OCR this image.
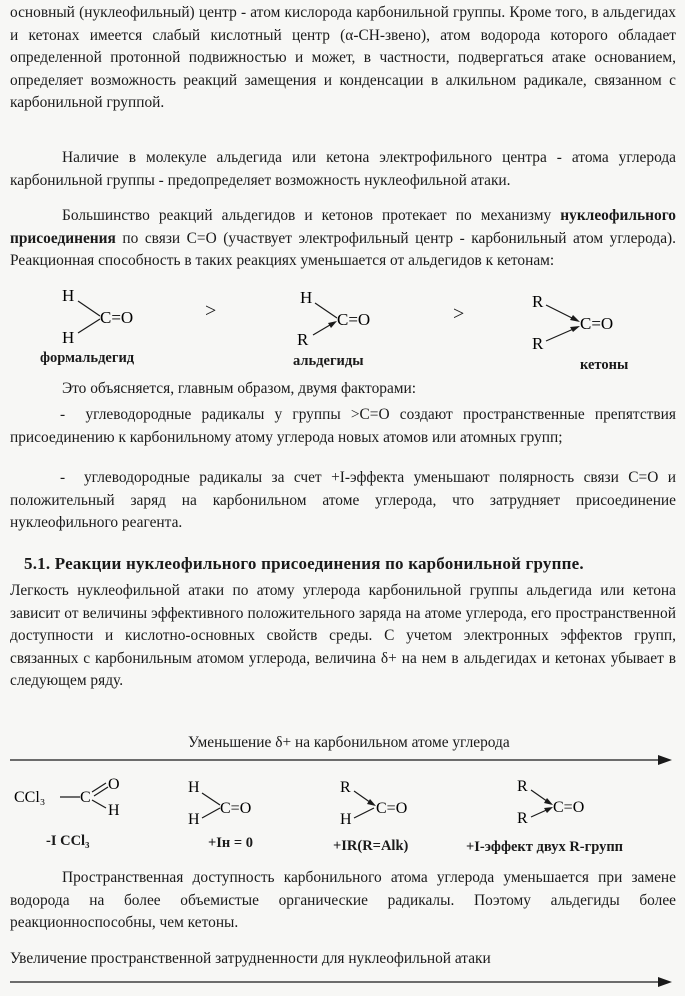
основный (нуклеофильный) центр - атом кислорода карбонильной группы. Кроме того, в альдегидах и кетонах имеется слабый кислотный центр (α-CH-звено), атом водорода которого обладает определенной протонной подвижностью и может, в частности, подвергаться атаке основанием, определяет возможность реакций замещения и конденсации в алкильном радикале, связанном с карбонильной группой.
Наличие в молекуле альдегида или кетона электрофильного центра - атома углерода карбонильной группы - предопределяет возможность нуклеофильной атаки.
Большинство реакций альдегидов и кетонов протекает по механизму нуклеофильного присоединения по связи C=O (участвует электрофильный центр - карбонильный атом углерода). Реакционная способность в таких реакциях уменьшается от альдегидов к кетонам:
H
H
C=O	>
H
R
C=O	>
R
R
C=O
формальдегид	альдегиды	кетоны
Это объясняется, главным образом, двумя факторами:
- углеводородные радикалы у группы >C=O создают пространственные препятствия присоединению к карбонильному атому углерода новых атомов или атомных групп;
- углеводородные радикалы за счет +I-эффекта уменьшают полярность связи C=O и положительный заряд на карбонильном атоме углерода, что затрудняет присоединение нуклеофильного реагента.
5.1. Реакции нуклеофильного присоединения по карбонильной группе.
Легкость нуклеофильной атаки по атому углерода карбонильной группы альдегида или кетона зависит от величины эффективного положительного заряда на атоме углерода, его пространственной доступности и кислотно-основных свойств среды. С учетом электронных эффектов групп, связанных с карбонильным атомом углерода, величина δ+ на нем в альдегидах и кетонах убывает в следующем ряду.
Уменьшение δ+ на карбонильном атоме углерода
CCl₃ C
O
H
H
H
C=O
R
H
C=O
R
R
C=O
-I CCl₃	+Iн = 0	+IR(R=Alk)	+I-эффект двух R-групп
Пространственная доступность карбонильного атома углерода уменьшается при замене водорода на более объемистые органические радикалы. Поэтому альдегиды более реакционноспособны, чем кетоны.
Увеличение пространственной затрудненности для нуклеофильной атаки
